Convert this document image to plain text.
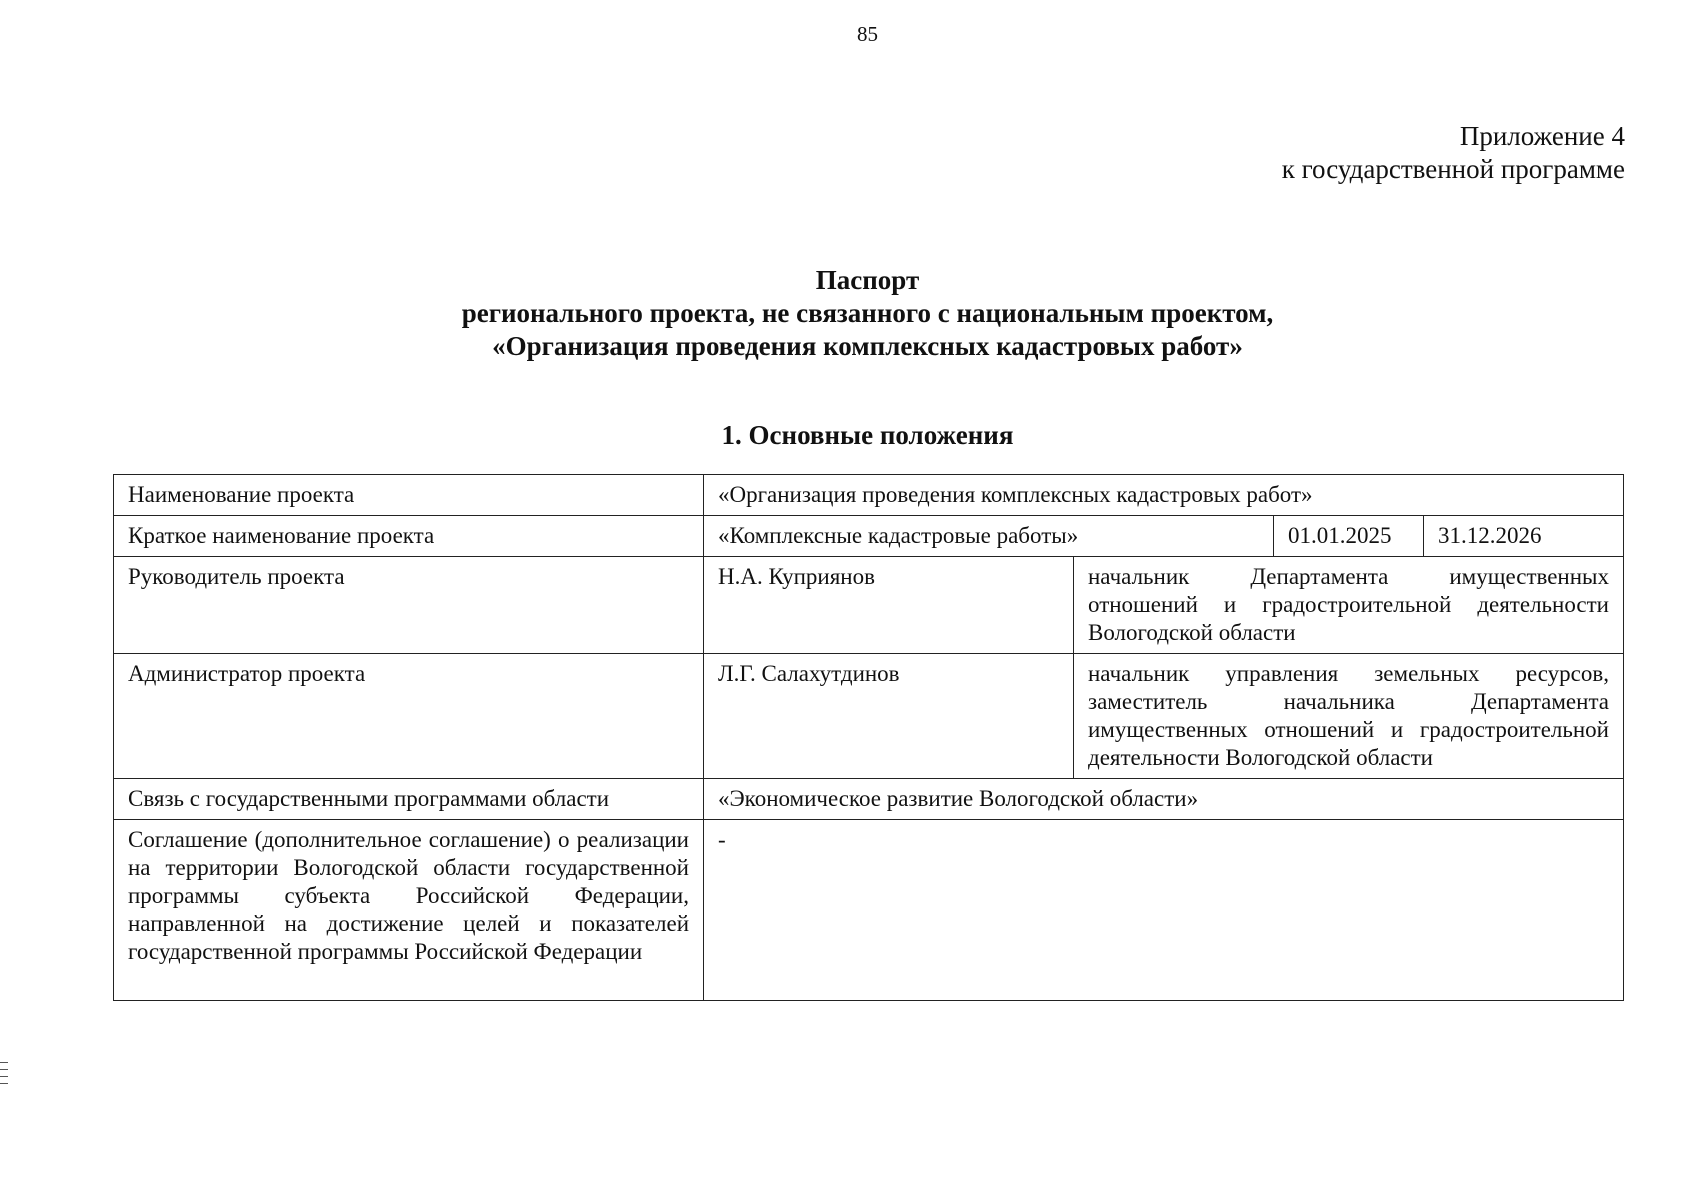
85
Приложение 4
к государственной программе
Паспорт
регионального проекта, не связанного с национальным проектом,
«Организация проведения комплексных кадастровых работ»
1. Основные положения
Наименование проекта	«Организация проведения комплексных кадастровых работ»			
Краткое наименование проекта	«Комплексные кадастровые работы»		01.01.2025	31.12.2026
Руководитель проекта	Н.А. Куприянов	начальник Департамента имущественных отношений и градостроительной деятельности Вологодской области		
Администратор проекта	Л.Г. Салахутдинов	начальник управления земельных ресурсов, заместитель начальника Департамента имущественных отношений и градостроительной деятельности Вологодской области		
Связь с государственными программами области	«Экономическое развитие Вологодской области»			
Соглашение (дополнительное соглашение) о реализации на территории Вологодской области государственной программы субъекта Российской Федерации, направленной на достижение целей и показателей государственной программы Российской Федерации	-			
